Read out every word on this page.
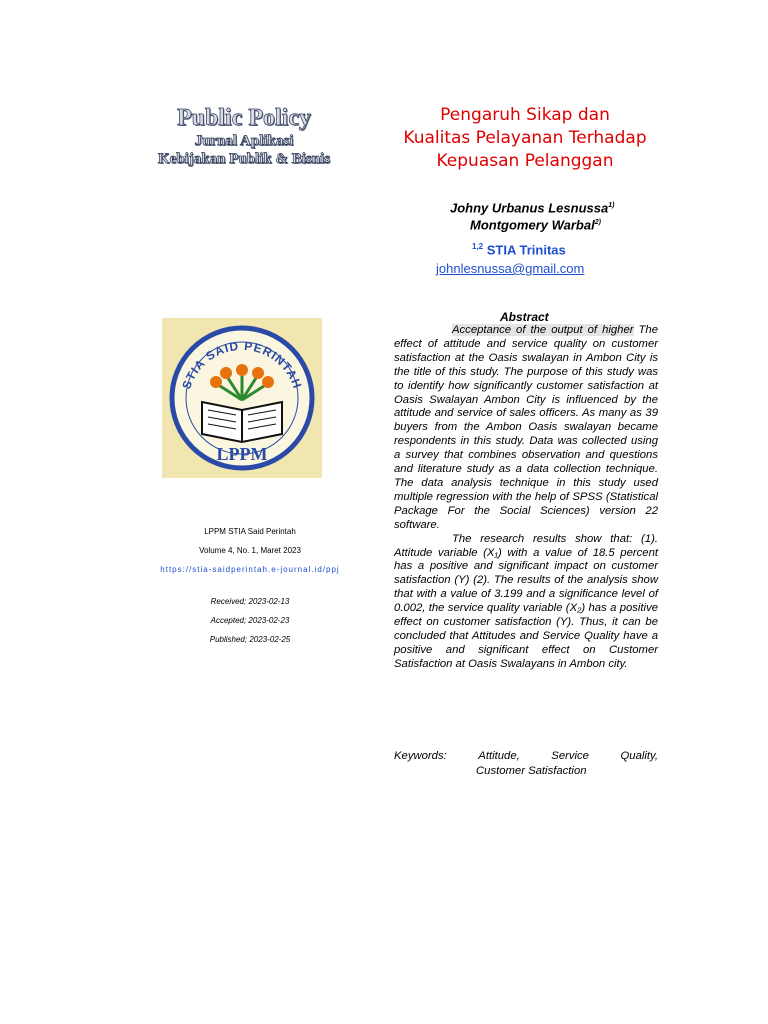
Public Policy
Jurnal Aplikasi
Kebijakan Publik & Bisnis
Pengaruh Sikap dan
Kualitas Pelayanan Terhadap
Kepuasan Pelanggan
Johny Urbanus Lesnussa$^{1)}$
Montgomery Warbal$^{2)}$
$^{1,2}$ STIA Trinitas
johnlesnussa@gmail.com
STIA SAID PERINTAH
LPPM
LPPM STIA Said Perintah
Volume 4, No. 1, Maret 2023
https://stia-saidperintah.e-journal.id/ppj
Received; 2023-02-13
Accepted; 2023-02-23
Published; 2023-02-25
Abstract

Acceptance of the output of higher The effect of attitude and service quality on customer satisfaction at the Oasis swalayan in Ambon City is the title of this study. The purpose of this study was to identify how significantly customer satisfaction at Oasis Swalayan Ambon City is influenced by the attitude and service of sales officers. As many as 39 buyers from the Ambon Oasis swalayan became respondents in this study. Data was collected using a survey that combines observation and questions and literature study as a data collection technique. The data analysis technique in this study used multiple regression with the help of SPSS (Statistical Package For the Social Sciences) version 22 software.

The research results show that: (1). Attitude variable (X₁) with a value of 18.5 percent has a positive and significant impact on customer satisfaction (Y) (2). The results of the analysis show that with a value of 3.199 and a significance level of 0.002, the service quality variable (X₂) has a positive effect on customer satisfaction (Y). Thus, it can be concluded that Attitudes and Service Quality have a positive and significant effect on Customer Satisfaction at Oasis Swalayans in Ambon city.

Keywords:	Attitude,	Service	Quality,
Customer Satisfaction
